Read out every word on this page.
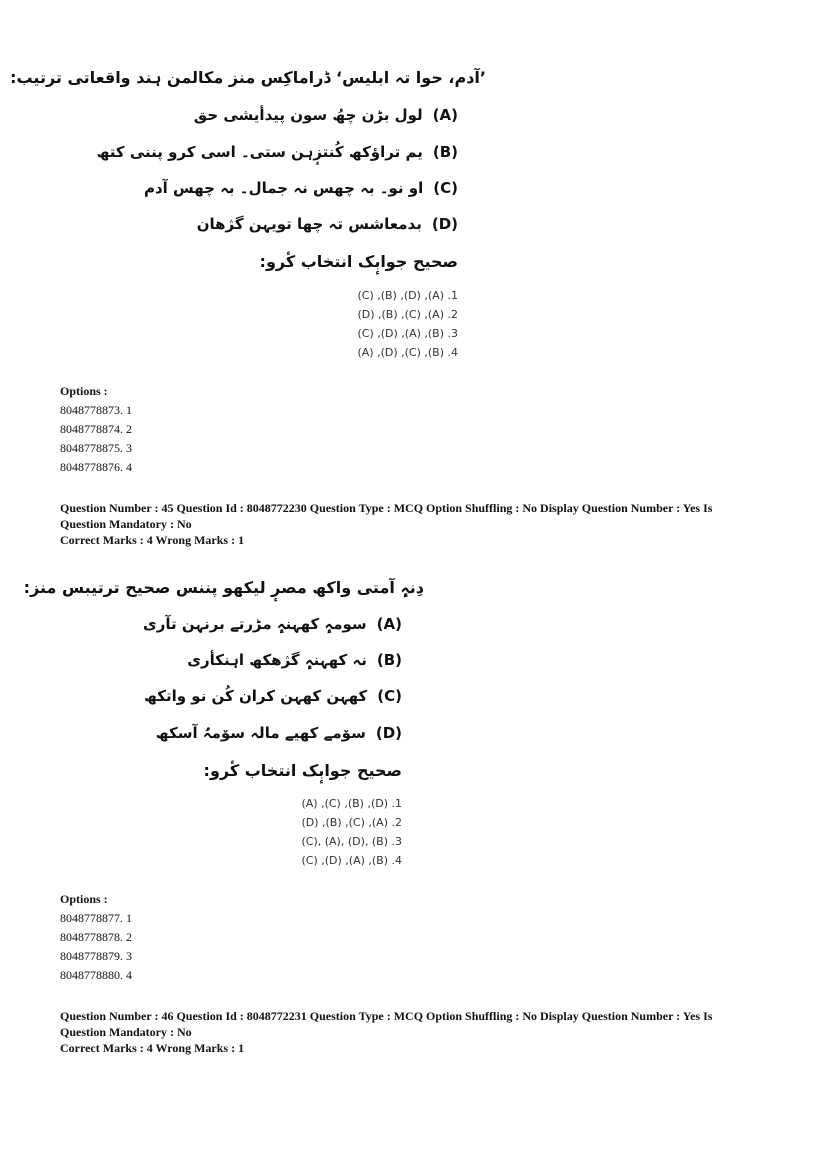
’آدم، حوا تہ ابلیس‘ ڈراماکِس منز مکالمن ہند واقعاتی ترتیب:
(A)لول بڑن چھُ سون پیدأیشی حق
(B)یم تراؤکھ کُنتزٕہن ستی۔ اسی کرو پننی کتھ
(C)او نو۔ بہ چھس نہ جمال۔ بہ چھس آدم
(D)بدمعاشس تہ چھا تویہن گژھان
صحیح جوابٕک انتخاب کٔرو:
(C) ,(B) ,(D) ,(A) .1
(D) ,(B) ,(C) ,(A) .2
(C) ,(D) ,(A) ,(B) .3
(A) ,(D) ,(C) ,(B) .4
Options :
8048778873. 1
8048778874. 2
8048778875. 3
8048778876. 4
Question Number : 45 Question Id : 8048772230 Question Type : MCQ Option Shuffling : No Display Question Number : Yes Is
Question Mandatory : No
Correct Marks : 4 Wrong Marks : 1
دِنہٕ آمتی واکھ مصرٕ لیکھو پننس صحیح ترتیبس منز:
(A)سومہٕ کھہنہٕ مڑرتے برنہن تآری
(B)نہ کھہنہٕ گژھکھ اہنکأری
(C)کھہن کھہن کران کُن نو واتکھ
(D)سوٚمے کھیے مالہ سوٚمہُ آسکھ
صحیح جوابٕک انتخاب کٔرو:
(A) ,(C) ,(B) ,(D) .1
(D) ,(B) ,(C) ,(A) .2
(C), (A), (D), (B) .3
(C) ,(D) ,(A) ,(B) .4
Options :
8048778877. 1
8048778878. 2
8048778879. 3
8048778880. 4
Question Number : 46 Question Id : 8048772231 Question Type : MCQ Option Shuffling : No Display Question Number : Yes Is
Question Mandatory : No
Correct Marks : 4 Wrong Marks : 1
